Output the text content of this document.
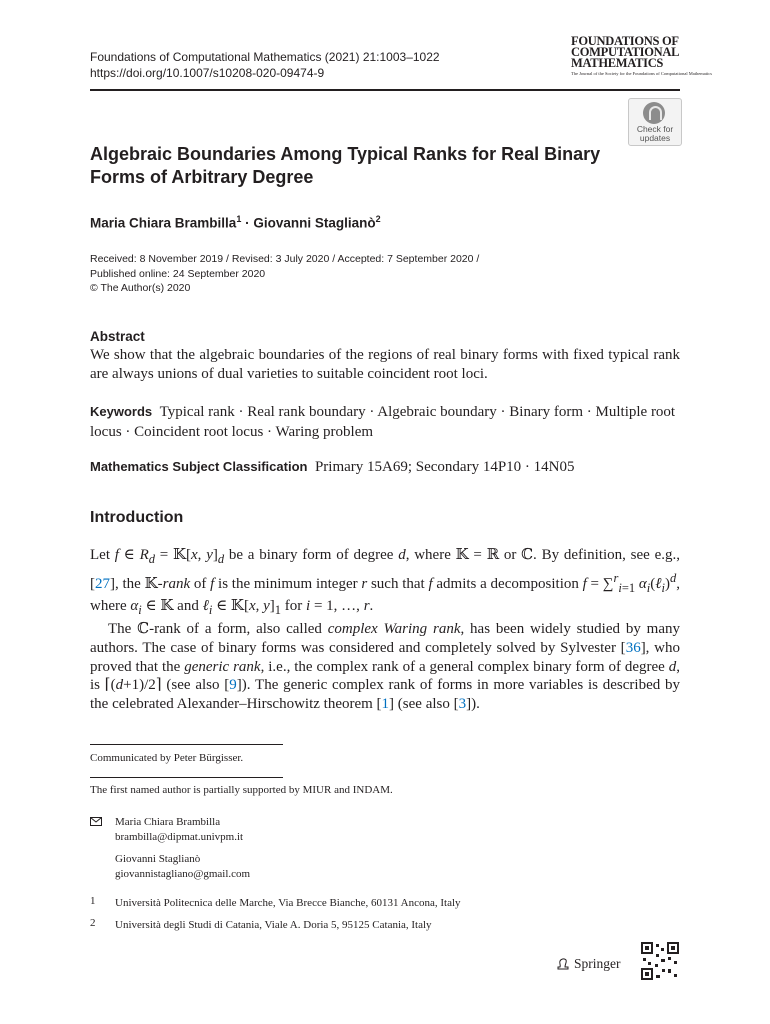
Foundations of Computational Mathematics (2021) 21:1003–1022
https://doi.org/10.1007/s10208-020-09474-9
FOUNDATIONS OF
COMPUTATIONAL
MATHEMATICS
The Journal of the Society for the Foundations of Computational Mathematics
Check for
updates
Algebraic Boundaries Among Typical Ranks for Real Binary
Forms of Arbitrary Degree
Maria Chiara Brambilla$^1$ · Giovanni Staglianò$^2$
Received: 8 November 2019 / Revised: 3 July 2020 / Accepted: 7 September 2020 /
Published online: 24 September 2020
© The Author(s) 2020
Abstract
We show that the algebraic boundaries of the regions of real binary forms with fixed typical rank are always unions of dual varieties to suitable coincident root loci.
Keywords Typical rank · Real rank boundary · Algebraic boundary · Binary form · Multiple root locus · Coincident root locus · Waring problem
Mathematics Subject Classification Primary 15A69; Secondary 14P10 · 14N05
Introduction

Let f ∈ $R_d$ = 𝕂[x, $y]_d$ be a binary form of degree d, where 𝕂 = ℝ or ℂ. By definition, see e.g., [27], the 𝕂-rank of f is the minimum integer r such that f admits a decomposition f = ∑$^r_{i=1}$ $\alpha_i(\ell_i)^d$, where $\alpha_i$ ∈ 𝕂 and ℓ$_i$ ∈ 𝕂[x, $y]_1$ for i = 1, …, r.

The ℂ-rank of a form, also called complex Waring rank, has been widely studied by many authors. The case of binary forms was considered and completely solved by Sylvester [36], who proved that the generic rank, i.e., the complex rank of a general complex binary form of degree d, is ⌈(d+1)/2⌉ (see also [9]). The generic complex rank of forms in more variables is described by the celebrated Alexander–Hirschowitz theorem [1] (see also [3]).

Communicated by Peter Bürgisser.
The first named author is partially supported by MIUR and INDAM.
Maria Chiara Brambilla
brambilla@dipmat.univpm.it
Giovanni Staglianò
giovannistagliano@gmail.com
1 Università Politecnica delle Marche, Via Brecce Bianche, 60131 Ancona, Italy
2 Università degli Studi di Catania, Viale A. Doria 5, 95125 Catania, Italy
Springer
